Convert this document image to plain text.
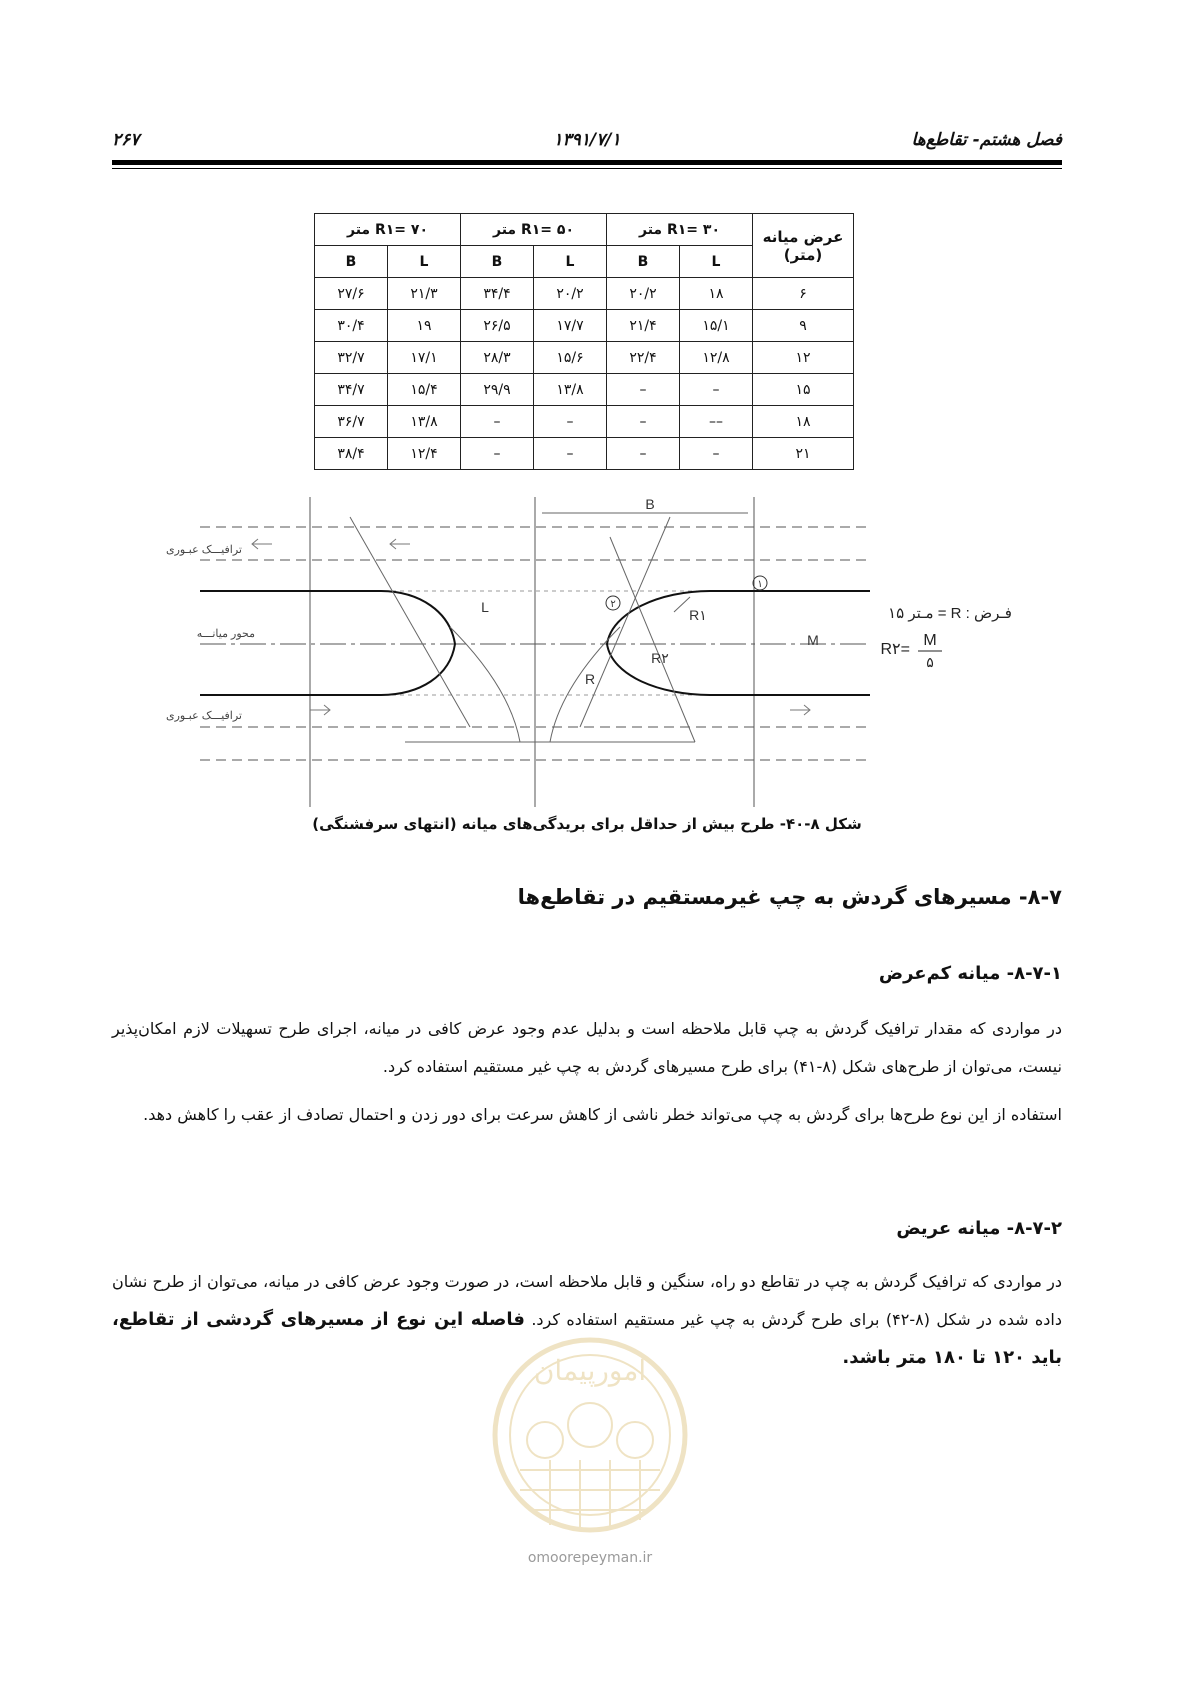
فصل هشتم- تقاطع‌ها
۱۳۹۱/۷/۱
۲۶۷
عرض میانه (متر)	R۱= ۳۰ متر		R۱= ۵۰ متر		R۱= ۷۰ متر	
	L	B	L	B	L	B
۶	۱۸	۲۰/۲	۲۰/۲	۳۴/۴	۲۱/۳	۲۷/۶
۹	۱۵/۱	۲۱/۴	۱۷/۷	۲۶/۵	۱۹	۳۰/۴
۱۲	۱۲/۸	۲۲/۴	۱۵/۶	۲۸/۳	۱۷/۱	۳۲/۷
۱۵	–	–	۱۳/۸	۲۹/۹	۱۵/۴	۳۴/۷
۱۸	––	–	–	–	۱۳/۸	۳۶/۷
۲۱	–	–	–	–	۱۲/۴	۳۸/۴
B
L
M
R
R۱
R۲
۲
۱
ترافیـــک عبـوری
ترافیـــک عبـوری
محور میانـــه
۱۵ مـتر = R : فـرض
R۲=
M
۵
شکل ۸-۴۰- طرح بیش از حداقل برای بریدگی‌های میانه (انتهای سرفشنگی)
۸-۷- مسیرهای گردش به چپ غیرمستقیم در تقاطع‌ها
۸-۷-۱- میانه کم‌عرض
در مواردی که مقدار ترافیک گردش به چپ قابل ملاحظه است و بدلیل عدم وجود عرض کافی در میانه، اجرای طرح تسهیلات لازم امکان‌پذیر نیست، می‌توان از طرح‌های شکل (۸-۴۱) برای طرح مسیرهای گردش به چپ غیر مستقیم استفاده کرد.
استفاده از این نوع طرح‌ها برای گردش به چپ می‌تواند خطر ناشی از کاهش سرعت برای دور زدن و احتمال تصادف از عقب را کاهش دهد.
۸-۷-۲- میانه عریض
در مواردی که ترافیک گردش به چپ در تقاطع دو راه، سنگین و قابل ملاحظه است، در صورت وجود عرض کافی در میانه، می‌توان از طرح نشان داده شده در شکل (۸-۴۲) برای طرح گردش به چپ غیر مستقیم استفاده کرد. فاصله این نوع از مسیرهای گردشی از تقاطع، باید ۱۲۰ تا ۱۸۰ متر باشد.
امورپیمان
omoorepeyman.ir
